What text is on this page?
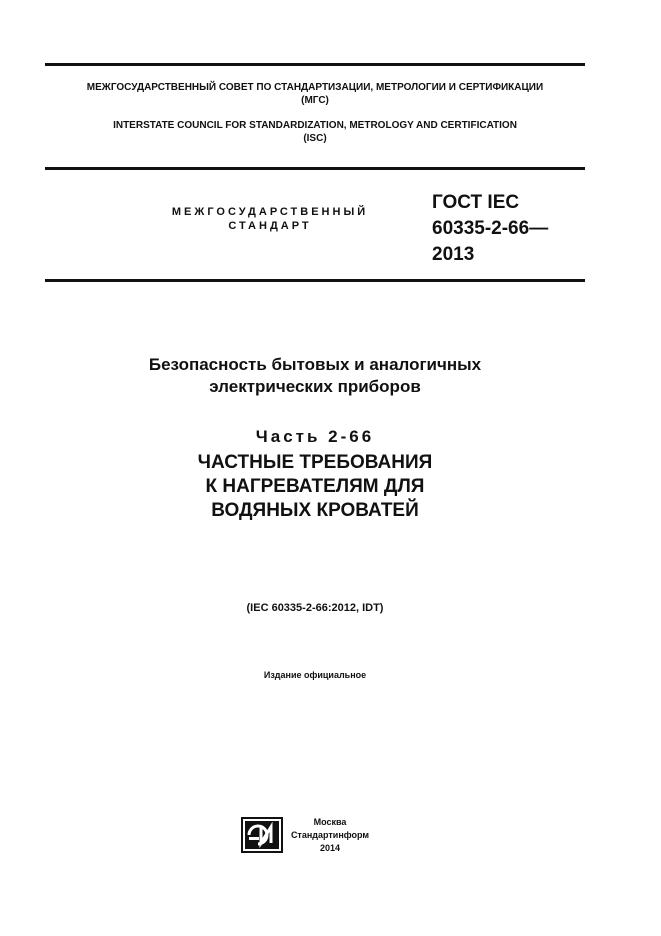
МЕЖГОСУДАРСТВЕННЫЙ СОВЕТ ПО СТАНДАРТИЗАЦИИ, МЕТРОЛОГИИ И СЕРТИФИКАЦИИ
(МГС)
INTERSTATE COUNCIL FOR STANDARDIZATION, METROLOGY AND CERTIFICATION
(ISC)
МЕЖГОСУДАРСТВЕННЫЙ
СТАНДАРТ
ГОСТ IEC
60335-2-66—
2013
Безопасность бытовых и аналогичных
электрических приборов
Часть 2-66
ЧАСТНЫЕ ТРЕБОВАНИЯ
К НАГРЕВАТЕЛЯМ ДЛЯ
ВОДЯНЫХ КРОВАТЕЙ
(IEC 60335-2-66:2012, IDT)
Издание официальное
Москва
Стандартинформ
2014
